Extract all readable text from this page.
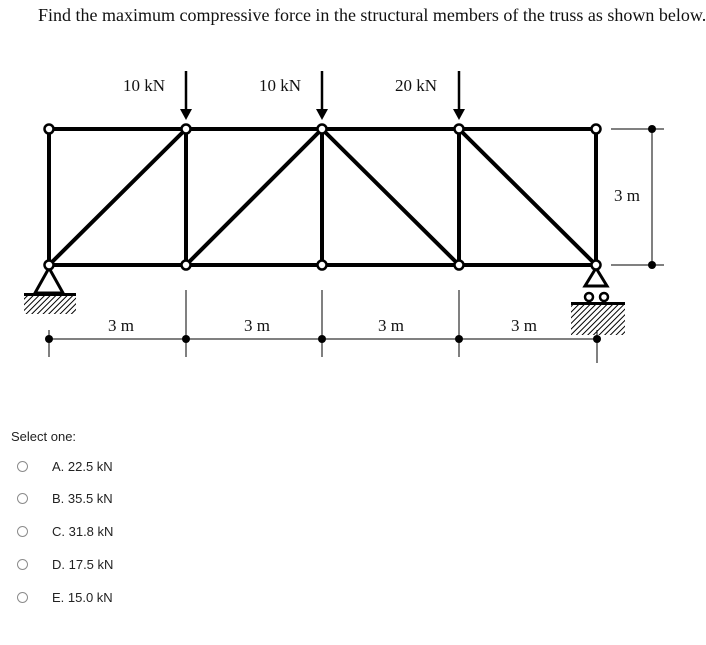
Find the maximum compressive force in the structural members of the truss as shown below.
10 kN	10 kN	20 kN
3 m	3 m	3 m	3 m
3 m
Select one:
A. 22.5 kN
B. 35.5 kN
C. 31.8 kN
D. 17.5 kN
E. 15.0 kN
